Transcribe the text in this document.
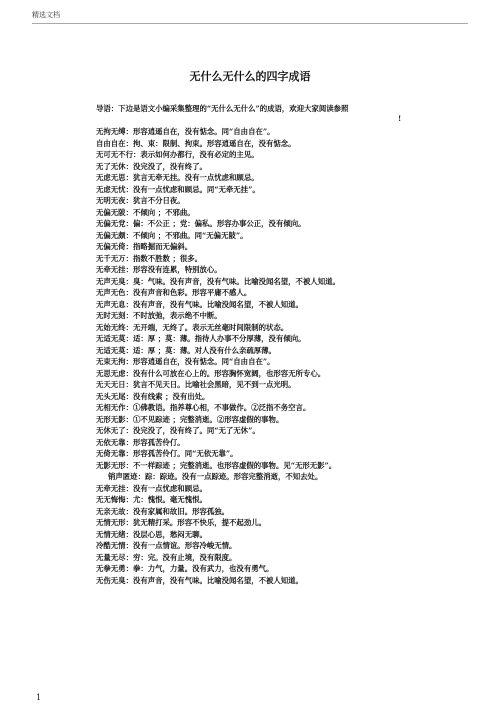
精选文档
无什么无什么的四字成语
导语：下边是语文小编采集整理的“无什么无什么”的成语，欢迎大家阅读参照
!
无拘无缚：形容逍遥自在，没有惦念。同“自由自在”。
自由自在：拘、束：限制、拘束。形容逍遥自在，没有惦念。
无可无不行：表示如何办都行，没有必定的主见。
无了无休：没完没了，没有终了。
无虑无思：犹言无牵无挂。没有一点忧虑和顾忌。
无虑无忧：没有一点忧虑和顾忌。同“无牵无挂”。
无明无夜：犹言不分日夜。
无偏无陂：不倾向 ；不邪曲。
无偏无党：偏：不公正 ；党：偏私。形容办事公正，没有倾向。
无偏无颇：不倾向 ；不邪曲。同“无偏无陂”。
无偏无倚：指略掘而无偏斜。
无千无万：指数不胜数 ；很多。
无牵无挂：形容没有连累，特别放心。
无声无臭：臭：气味。没有声音，没有气味。比喻没闻名望，不被人知道。
无声无色：没有声音和色彩。形容平庸不感人。
无声无息：没有声音，没有气味。比喻没闻名望，不被人知道。
无时无刻：不时放弛，表示绝不中断。
无始无终：无开端，无终了。表示无丝毫时间限制的状态。
无适无莫：适：厚 ；莫：薄。指待人办事不分厚薄，没有倾向。
无适无莫：适：厚 ；莫：薄。对人没有什么亲疏厚薄。
无束无拘：形容逍遥自在，没有惦念。同“自由自在”。
无思无虑：没有什么可放在心上的。形容胸怀宽阔，也形容无所专心。
无天无日：犹言不见天日。比喻社会黑暗，见不到一点光明。
无头无尾：没有线索 ；没有出处。
无相无作：①佛教语。指养尊心相，不事做作。②泛指不务空言。
无形无影：①不见踪迹 ；完整消逝。②形容虚假的事物。
无休无了：没完没了，没有终了。同“无了无休”。
无依无靠：形容孤苦伶仃。
无倚无靠：形容孤苦伶仃。同“无依无靠”。
无影无形：不一样踪迹 ；完整消逝。也形容虚假的事物。见“无形无影”。
销声匿迹：踪：踪迹。没有一点踪迹。形容完整消逝，不知去处。
无牵无挂：没有一点忧虑和顾忌。
无无悔悔：尤：愧恨。毫无愧恨。
无亲无故：没有家属和故旧。形容孤独。
无情无形：犹无精打采。形容不快乐，提不起劲儿。
无情无绪：没层心思，愁闷无聊。
冷酷无情：没有一点情谊。形容冷峻无情。
无量无尽：穷：完。没有止境，没有限度。
无拳无勇：拳：力气，力量。没有武力，也没有勇气。
无伤无臭：没有声音，没有气味。比喻没闻名望，不被人知道。
1
